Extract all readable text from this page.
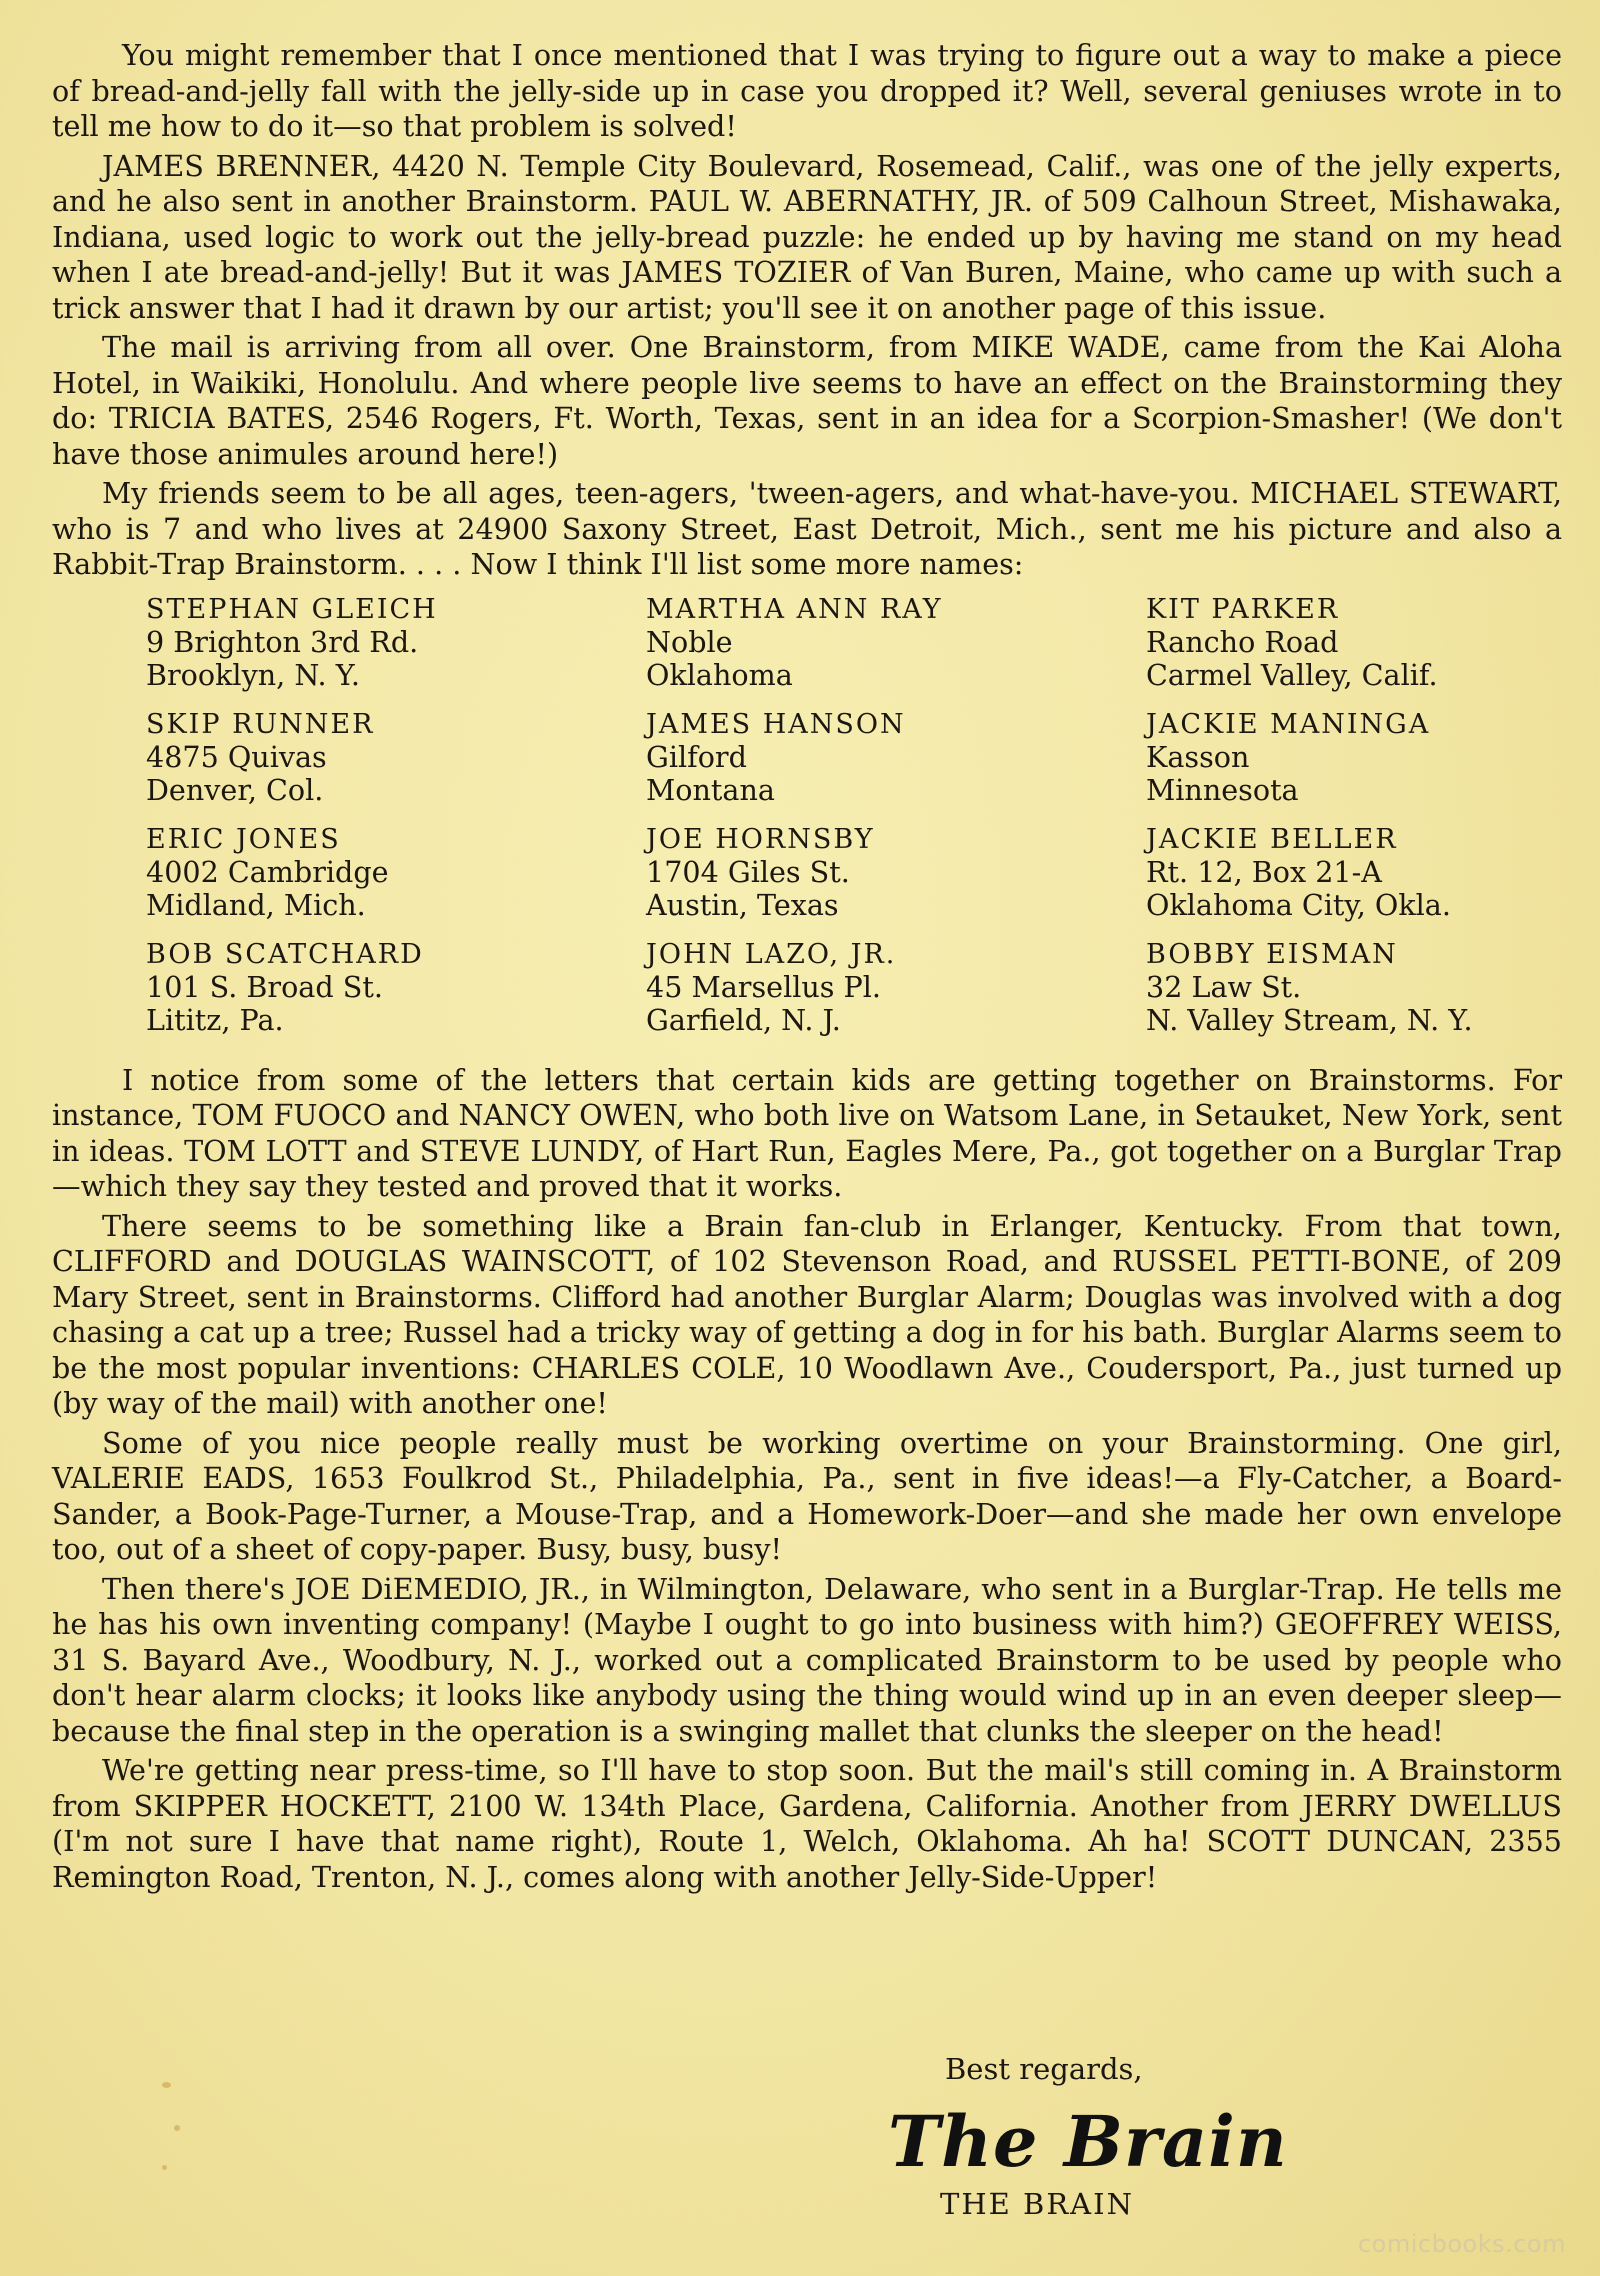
You might remember that I once mentioned that I was trying to figure out a way to make a piece of bread-and-jelly fall with the jelly-side up in case you dropped it? Well, several geniuses wrote in to tell me how to do it—so that problem is solved!

JAMES BRENNER, 4420 N. Temple City Boulevard, Rosemead, Calif., was one of the jelly experts, and he also sent in another Brainstorm. PAUL W. ABERNATHY, JR. of 509 Calhoun Street, Mishawaka, Indiana, used logic to work out the jelly-bread puzzle: he ended up by having me stand on my head when I ate bread-and-jelly! But it was JAMES TOZIER of Van Buren, Maine, who came up with such a trick answer that I had it drawn by our artist; you'll see it on another page of this issue.

The mail is arriving from all over. One Brainstorm, from MIKE WADE, came from the Kai Aloha Hotel, in Waikiki, Honolulu. And where people live seems to have an effect on the Brainstorming they do: TRICIA BATES, 2546 Rogers, Ft. Worth, Texas, sent in an idea for a Scorpion-Smasher! (We don't have those animules around here!)

My friends seem to be all ages, teen-agers, 'tween-agers, and what-have-you. MICHAEL STEWART, who is 7 and who lives at 24900 Saxony Street, East Detroit, Mich., sent me his picture and also a Rabbit-Trap Brainstorm. . . . Now I think I'll list some more names:

STEPHAN GLEICH
9 Brighton 3rd Rd.
Brooklyn, N. Y.
MARTHA ANN RAY
Noble
Oklahoma
KIT PARKER
Rancho Road
Carmel Valley, Calif.
SKIP RUNNER
4875 Quivas
Denver, Col.
JAMES HANSON
Gilford
Montana
JACKIE MANINGA
Kasson
Minnesota
ERIC JONES
4002 Cambridge
Midland, Mich.
JOE HORNSBY
1704 Giles St.
Austin, Texas
JACKIE BELLER
Rt. 12, Box 21-A
Oklahoma City, Okla.
BOB SCATCHARD
101 S. Broad St.
Lititz, Pa.
JOHN LAZO, JR.
45 Marsellus Pl.
Garfield, N. J.
BOBBY EISMAN
32 Law St.
N. Valley Stream, N. Y.

I notice from some of the letters that certain kids are getting together on Brainstorms. For instance, TOM FUOCO and NANCY OWEN, who both live on Watsom Lane, in Setauket, New York, sent in ideas. TOM LOTT and STEVE LUNDY, of Hart Run, Eagles Mere, Pa., got together on a Burglar Trap—which they say they tested and proved that it works.

There seems to be something like a Brain fan-club in Erlanger, Kentucky. From that town, CLIFFORD and DOUGLAS WAINSCOTT, of 102 Stevenson Road, and RUSSEL PETTI-BONE, of 209 Mary Street, sent in Brainstorms. Clifford had another Burglar Alarm; Douglas was involved with a dog chasing a cat up a tree; Russel had a tricky way of getting a dog in for his bath. Burglar Alarms seem to be the most popular inventions: CHARLES COLE, 10 Woodlawn Ave., Coudersport, Pa., just turned up (by way of the mail) with another one!

Some of you nice people really must be working overtime on your Brainstorming. One girl, VALERIE EADS, 1653 Foulkrod St., Philadelphia, Pa., sent in five ideas!—a Fly-Catcher, a Board-Sander, a Book-Page-Turner, a Mouse-Trap, and a Homework-Doer—and she made her own envelope too, out of a sheet of copy-paper. Busy, busy, busy!

Then there's JOE DiEMEDIO, JR., in Wilmington, Delaware, who sent in a Burglar-Trap. He tells me he has his own inventing company! (Maybe I ought to go into business with him?) GEOFFREY WEISS, 31 S. Bayard Ave., Woodbury, N. J., worked out a complicated Brainstorm to be used by people who don't hear alarm clocks; it looks like anybody using the thing would wind up in an even deeper sleep—because the final step in the operation is a swinging mallet that clunks the sleeper on the head!

We're getting near press-time, so I'll have to stop soon. But the mail's still coming in. A Brainstorm from SKIPPER HOCKETT, 2100 W. 134th Place, Gardena, California. Another from JERRY DWELLUS (I'm not sure I have that name right), Route 1, Welch, Oklahoma. Ah ha! SCOTT DUNCAN, 2355 Remington Road, Trenton, N. J., comes along with another Jelly-Side-Upper!

Best regards,
The Brain
THE BRAIN
comicbooks.com
